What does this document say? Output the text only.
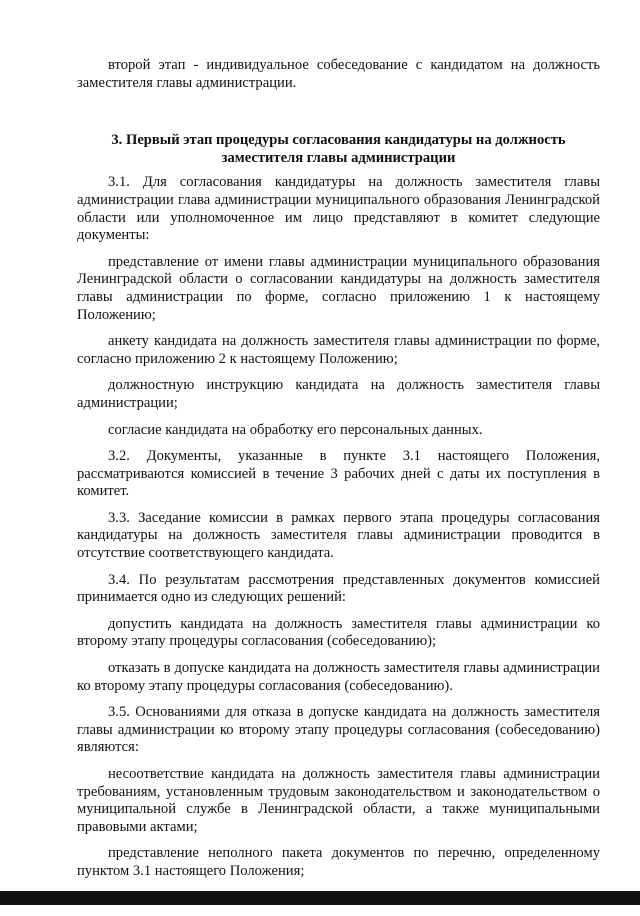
второй этап - индивидуальное собеседование с кандидатом на должность заместителя главы администрации.

3. Первый этап процедуры согласования кандидатуры на должность заместителя главы администрации

3.1. Для согласования кандидатуры на должность заместителя главы администрации глава администрации муниципального образования Ленинградской области или уполномоченное им лицо представляют в комитет следующие документы:

представление от имени главы администрации муниципального образования Ленинградской области о согласовании кандидатуры на должность заместителя главы администрации по форме, согласно приложению 1 к настоящему Положению;

анкету кандидата на должность заместителя главы администрации по форме, согласно приложению 2 к настоящему Положению;

должностную инструкцию кандидата на должность заместителя главы администрации;

согласие кандидата на обработку его персональных данных.

3.2. Документы, указанные в пункте 3.1 настоящего Положения, рассматриваются комиссией в течение 3 рабочих дней с даты их поступления в комитет.

3.3. Заседание комиссии в рамках первого этапа процедуры согласования кандидатуры на должность заместителя главы администрации проводится в отсутствие соответствующего кандидата.

3.4. По результатам рассмотрения представленных документов комиссией принимается одно из следующих решений:

допустить кандидата на должность заместителя главы администрации ко второму этапу процедуры согласования (собеседованию);

отказать в допуске кандидата на должность заместителя главы администрации ко второму этапу процедуры согласования (собеседованию).

3.5. Основаниями для отказа в допуске кандидата на должность заместителя главы администрации ко второму этапу процедуры согласования (собеседованию) являются:

несоответствие кандидата на должность заместителя главы администрации требованиям, установленным трудовым законодательством и законодательством о муниципальной службе в Ленинградской области, а также муниципальными правовыми актами;

представление неполного пакета документов по перечню, определенному пунктом 3.1 настоящего Положения;
